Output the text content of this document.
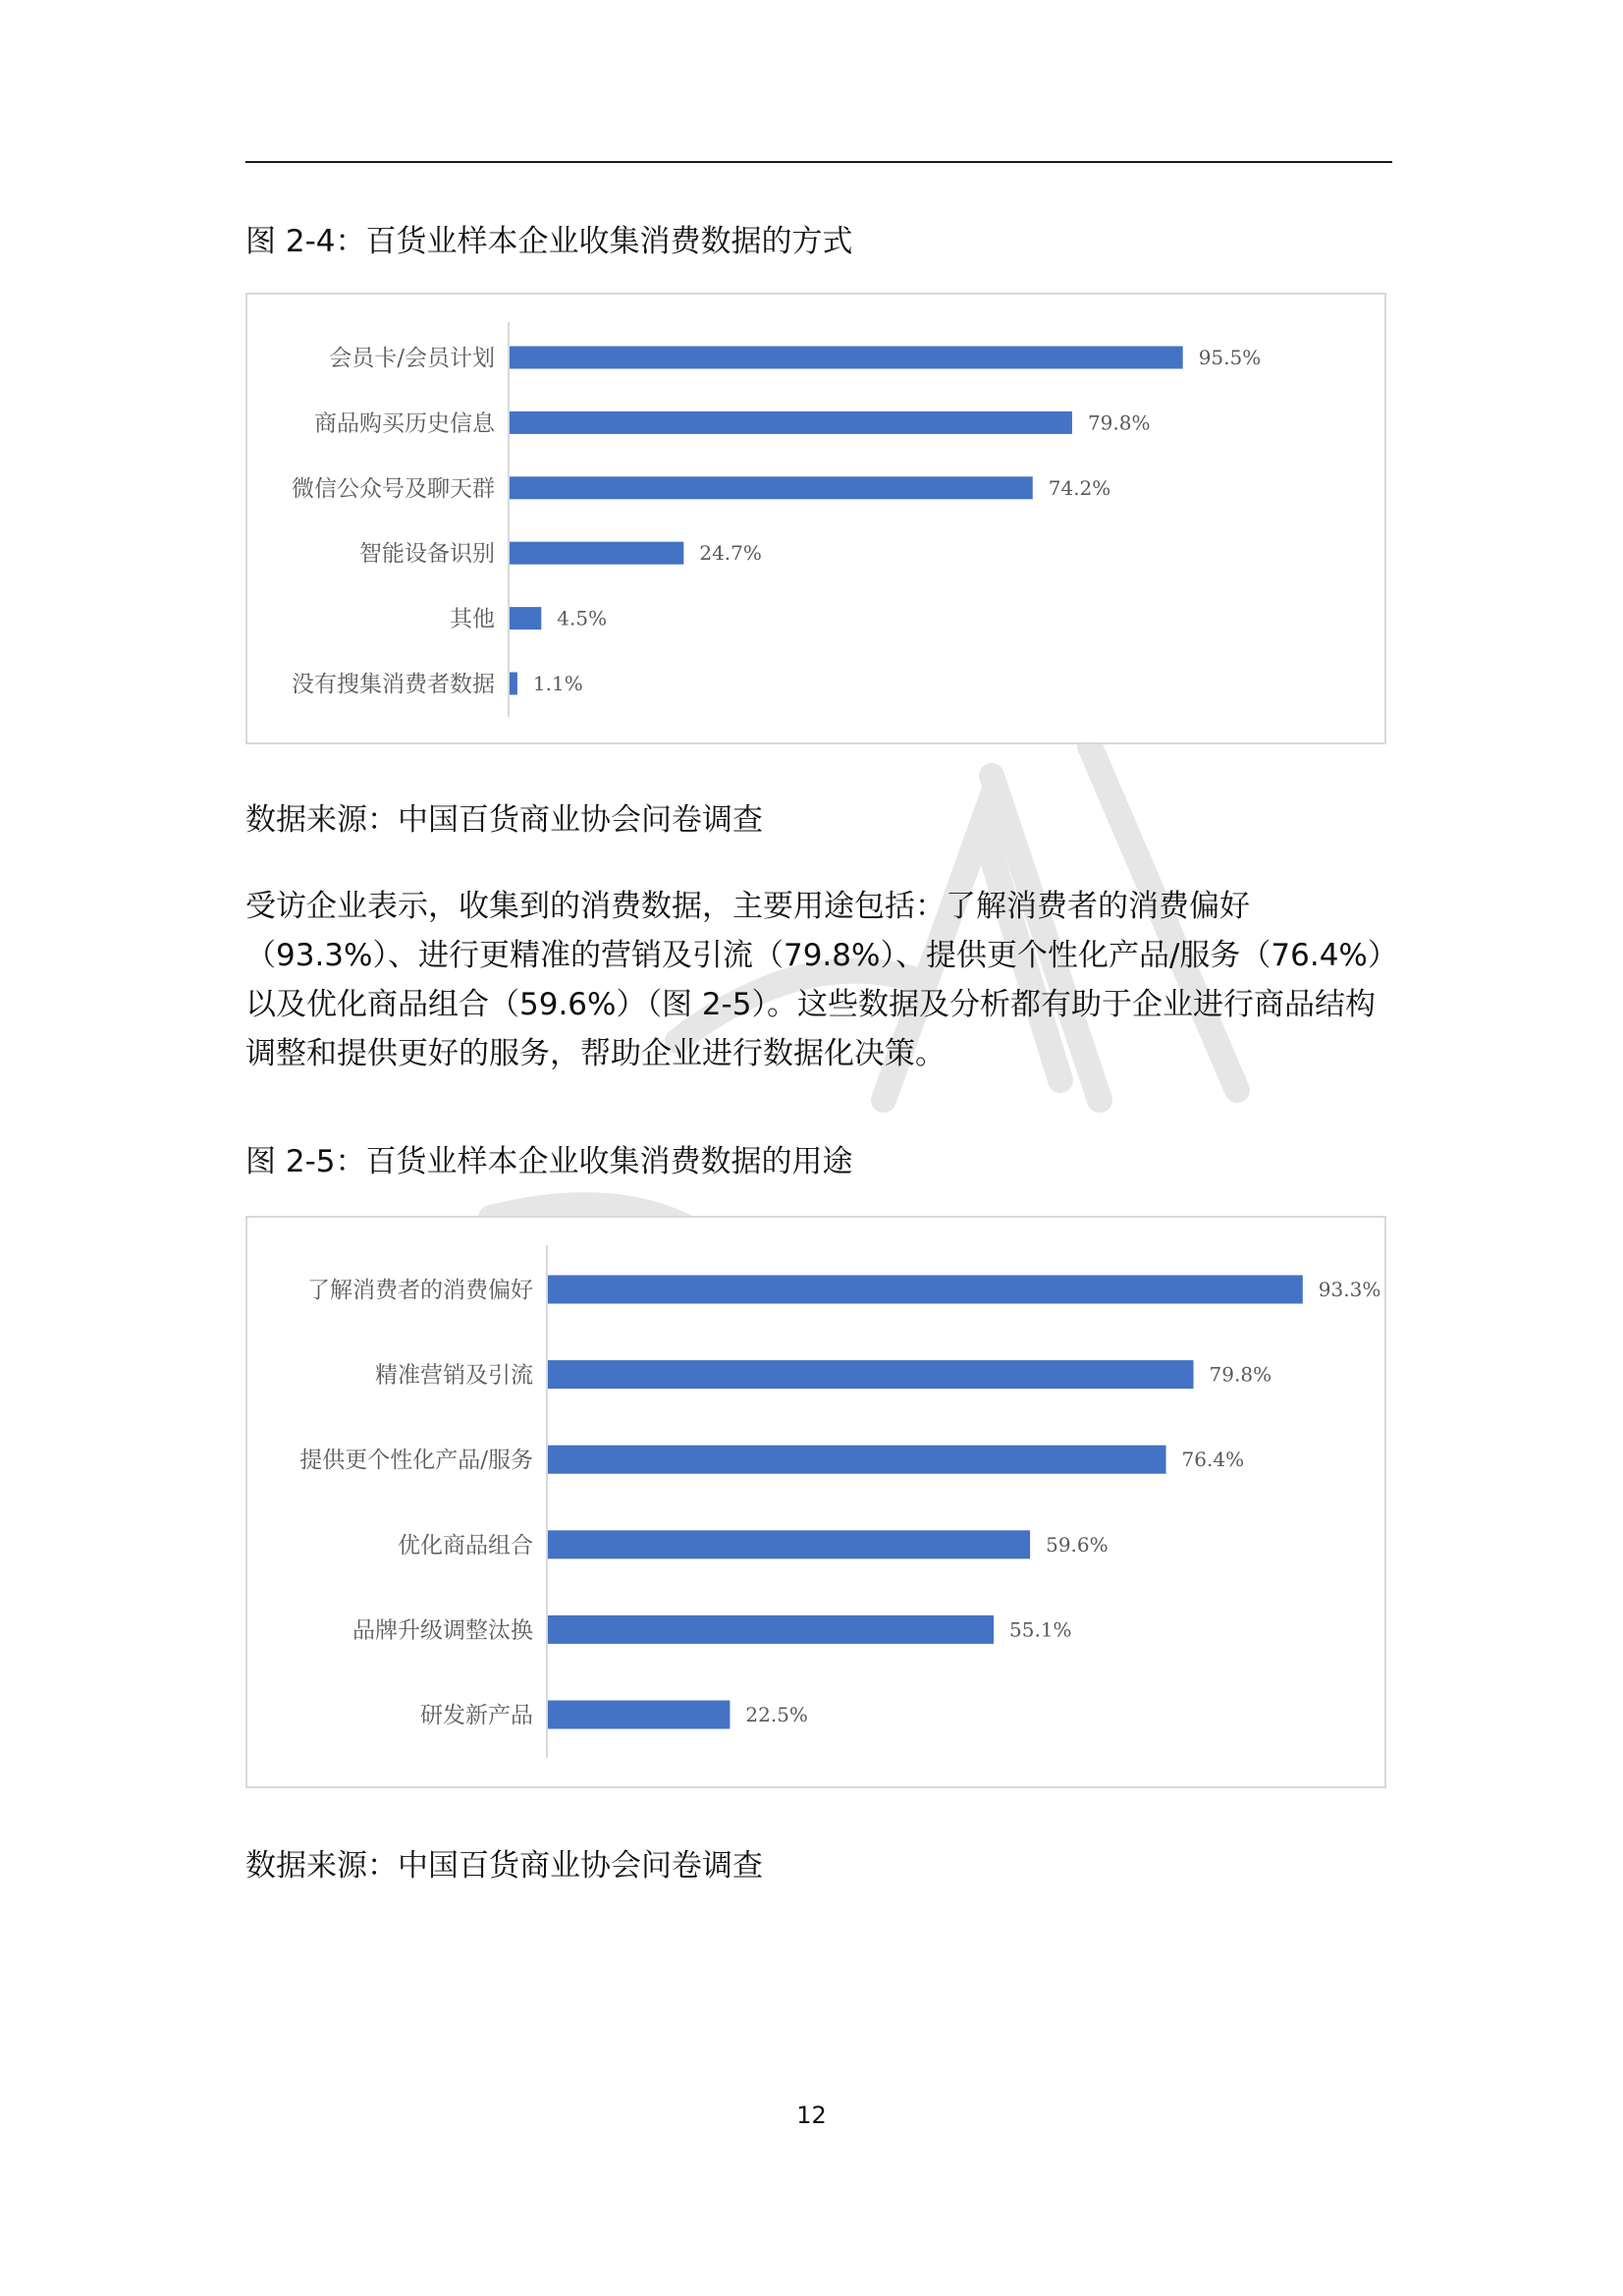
图 2-4：百货业样本企业收集消费数据的方式
会员卡/会员计划	95.5%
商品购买历史信息	79.8%
微信公众号及聊天群	74.2%
智能设备识别	24.7%
其他	4.5%
没有搜集消费者数据 1.1%
数据来源：中国百货商业协会问卷调查
受访企业表示，收集到的消费数据，主要用途包括：了解消费者的消费偏好（93.3%）、进行更精准的营销及引流（79.8%）、提供更个性化产品/服务（76.4%）以及优化商品组合（59.6%）（图 2-5）。这些数据及分析都有助于企业进行商品结构调整和提供更好的服务，帮助企业进行数据化决策。
图 2-5：百货业样本企业收集消费数据的用途
了解消费者的消费偏好	93.3%
精准营销及引流	79.8%
提供更个性化产品/服务	76.4%
优化商品组合	59.6%
品牌升级调整汰换	55.1%
研发新产品	22.5%
数据来源：中国百货商业协会问卷调查
12
